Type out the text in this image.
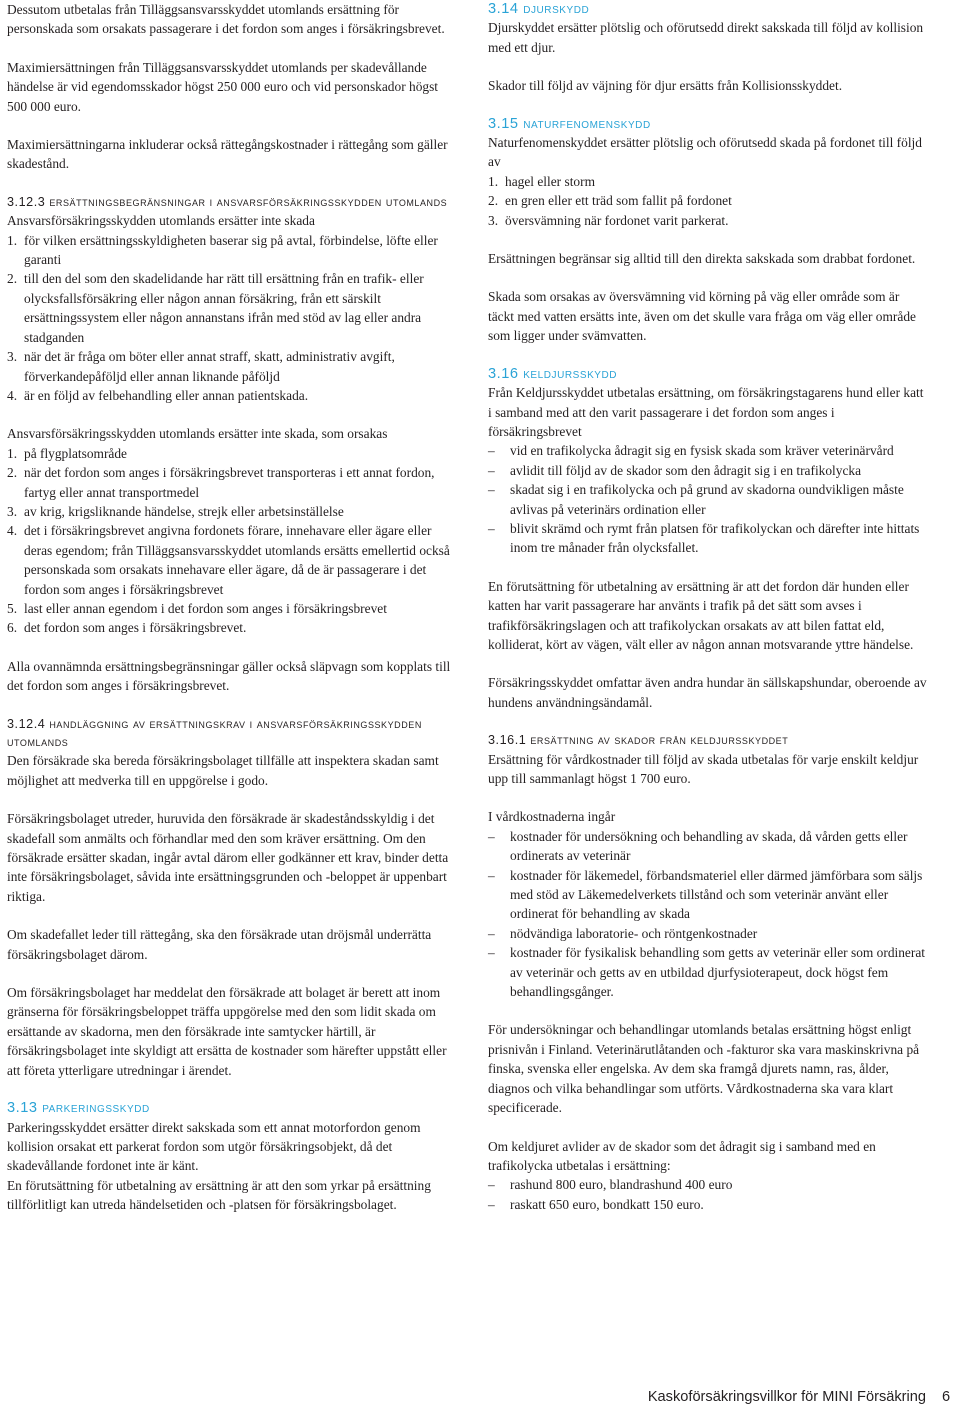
Dessutom utbetalas från Tilläggsansvarsskyddet utomlands ersättning för personskada som orsakats passagerare i det fordon som anges i försäkringsbrevet.

Maximiersättningen från Tilläggsansvarsskyddet utomlands per skadevållande händelse är vid egendomsskador högst 250 000 euro och vid personskador högst 500 000 euro.

Maximiersättningarna inkluderar också rättegångskostnader i rättegång som gäller skadestånd.

3.12.3 ersättningsbegränsningar i ansvarsförsäkringsskydden utomlands

Ansvarsförsäkringsskydden utomlands ersätter inte skada

1. för vilken ersättningsskyldigheten baserar sig på avtal, förbindelse, löfte eller garanti
2. till den del som den skadelidande har rätt till ersättning från en trafik- eller olycksfallsförsäkring eller någon annan försäkring, från ett särskilt ersättningssystem eller någon annanstans ifrån med stöd av lag eller andra stadganden
3. när det är fråga om böter eller annat straff, skatt, administrativ avgift, förverkandepåföljd eller annan liknande påföljd
4. är en följd av felbehandling eller annan patientskada.

Ansvarsförsäkringsskydden utomlands ersätter inte skada, som orsakas

1. på flygplatsområde
2. när det fordon som anges i försäkringsbrevet transporteras i ett annat fordon, fartyg eller annat transportmedel
3. av krig, krigsliknande händelse, strejk eller arbetsinställelse
4. det i försäkringsbrevet angivna fordonets förare, innehavare eller ägare eller deras egendom; från Tilläggsansvarsskyddet utomlands ersätts emellertid också personskada som orsakats innehavare eller ägare, då de är passagerare i det fordon som anges i försäkringsbrevet
5. last eller annan egendom i det fordon som anges i försäkringsbrevet
6. det fordon som anges i försäkringsbrevet.

Alla ovannämnda ersättningsbegränsningar gäller också släpvagn som kopplats till det fordon som anges i försäkringsbrevet.

3.12.4 handläggning av ersättningskrav i ansvarsförsäkringsskydden utomlands

Den försäkrade ska bereda försäkringsbolaget tillfälle att inspektera skadan samt möjlighet att medverka till en uppgörelse i godo.

Försäkringsbolaget utreder, huruvida den försäkrade är skadeståndsskyldig i det skadefall som anmälts och förhandlar med den som kräver ersättning. Om den försäkrade ersätter skadan, ingår avtal därom eller godkänner ett krav, binder detta inte försäkringsbolaget, såvida inte ersättningsgrunden och -beloppet är uppenbart riktiga.

Om skadefallet leder till rättegång, ska den försäkrade utan dröjsmål underrätta försäkringsbolaget därom.

Om försäkringsbolaget har meddelat den försäkrade att bolaget är berett att inom gränserna för försäkringsbeloppet träffa uppgörelse med den som lidit skada om ersättande av skadorna, men den försäkrade inte samtycker härtill, är försäkringsbolaget inte skyldigt att ersätta de kostnader som härefter uppstått eller att företa ytterligare utredningar i ärendet.

3.13 parkeringsskydd

Parkeringsskyddet ersätter direkt sakskada som ett annat motorfordon genom kollision orsakat ett parkerat fordon som utgör försäkringsobjekt, då det skadevållande fordonet inte är känt.

En förutsättning för utbetalning av ersättning är att den som yrkar på ersättning tillförlitligt kan utreda händelsetiden och -platsen för försäkringsbolaget.

3.14 djurskydd

Djurskyddet ersätter plötslig och oförutsedd direkt sakskada till följd av kollision med ett djur.

Skador till följd av väjning för djur ersätts från Kollisionsskyddet.

3.15 naturfenomenskydd

Naturfenomenskyddet ersätter plötslig och oförutsedd skada på fordonet till följd av

1. hagel eller storm
2. en gren eller ett träd som fallit på fordonet
3. översvämning när fordonet varit parkerat.

Ersättningen begränsar sig alltid till den direkta sakskada som drabbat fordonet.

Skada som orsakas av översvämning vid körning på väg eller område som är täckt med vatten ersätts inte, även om det skulle vara fråga om väg eller område som ligger under svämvatten.

3.16 keldjursskydd

Från Keldjursskyddet utbetalas ersättning, om försäkringstagarens hund eller katt i samband med att den varit passagerare i det fordon som anges i försäkringsbrevet

– vid en trafikolycka ådragit sig en fysisk skada som kräver veterinärvård
– avlidit till följd av de skador som den ådragit sig i en trafikolycka
– skadat sig i en trafikolycka och på grund av skadorna oundvikligen måste avlivas på veterinärs ordination eller
– blivit skrämd och rymt från platsen för trafikolyckan och därefter inte hittats inom tre månader från olycksfallet.

En förutsättning för utbetalning av ersättning är att det fordon där hunden eller katten har varit passagerare har använts i trafik på det sätt som avses i trafikförsäkringslagen och att trafikolyckan orsakats av att bilen fattat eld, kolliderat, kört av vägen, vält eller av någon annan motsvarande yttre händelse.

Försäkringsskyddet omfattar även andra hundar än sällskapshundar, oberoende av hundens användningsändamål.

3.16.1 ersättning av skador från keldjursskyddet

Ersättning för vårdkostnader till följd av skada utbetalas för varje enskilt keldjur upp till sammanlagt högst 1 700 euro.

I vårdkostnaderna ingår

– kostnader för undersökning och behandling av skada, då vården getts eller ordinerats av veterinär
– kostnader för läkemedel, förbandsmateriel eller därmed jämförbara som säljs med stöd av Läkemedelverkets tillstånd och som veterinär använt eller ordinerat för behandling av skada
– nödvändiga laboratorie- och röntgenkostnader
– kostnader för fysikalisk behandling som getts av veterinär eller som ordinerat av veterinär och getts av en utbildad djurfysioterapeut, dock högst fem behandlingsgånger.

För undersökningar och behandlingar utomlands betalas ersättning högst enligt prisnivån i Finland. Veterinärutlåtanden och -fakturor ska vara maskinskrivna på finska, svenska eller engelska. Av dem ska framgå djurets namn, ras, ålder, diagnos och vilka behandlingar som utförts. Vårdkostnaderna ska vara klart specificerade.

Om keldjuret avlider av de skador som det ådragit sig i samband med en trafikolycka utbetalas i ersättning:

– rashund 800 euro, blandrashund 400 euro
– raskatt 650 euro, bondkatt 150 euro.
Kaskoförsäkringsvillkor för MINI Försäkring 6
